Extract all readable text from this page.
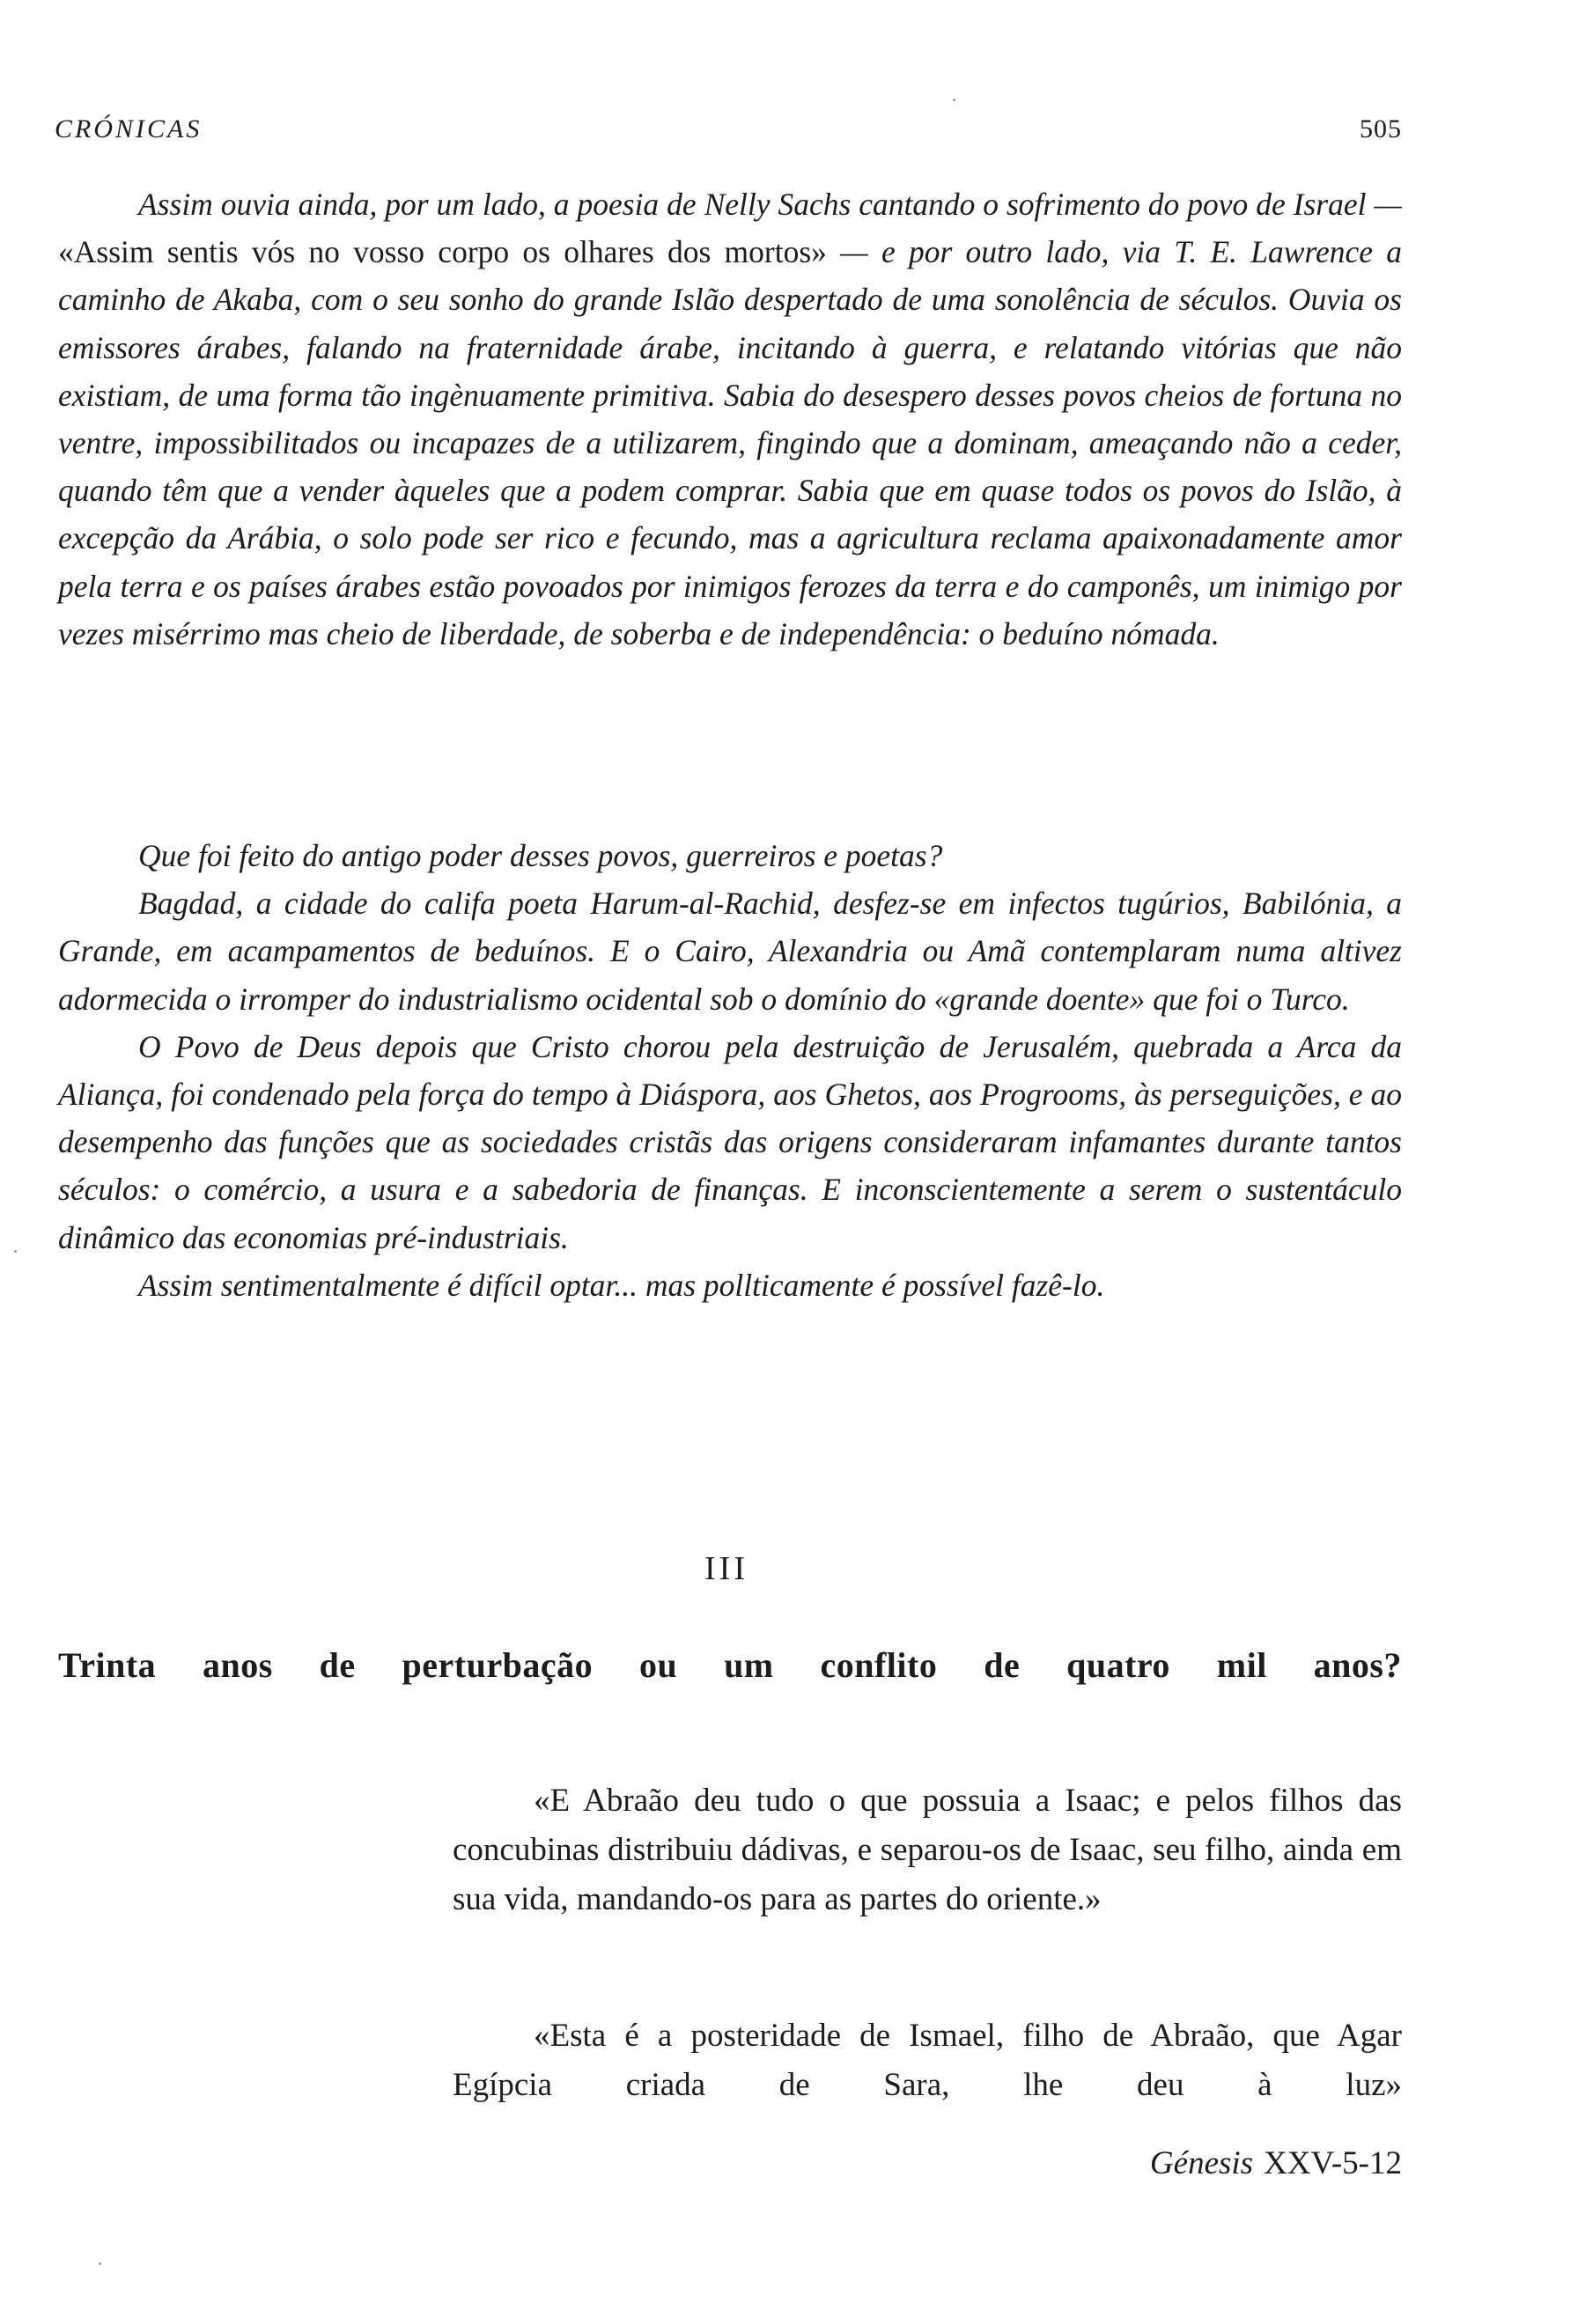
CRÓNICAS	505

Assim ouvia ainda, por um lado, a poesia de Nelly Sachs cantando o sofrimento do povo de Israel — «Assim sentis vós no vosso corpo os olhares dos mortos» — e por outro lado, via T. E. Lawrence a caminho de Akaba, com o seu sonho do grande Islão despertado de uma sonolência de séculos. Ouvia os emissores árabes, falando na fraternidade árabe, incitando à guerra, e relatando vitórias que não existiam, de uma forma tão ingènuamente primitiva. Sabia do desespero desses povos cheios de fortuna no ventre, impossibilitados ou incapazes de a utilizarem, fingindo que a dominam, ameaçando não a ceder, quando têm que a vender àqueles que a podem comprar. Sabia que em quase todos os povos do Islão, à excepção da Arábia, o solo pode ser rico e fecundo, mas a agricultura reclama apaixonadamente amor pela terra e os países árabes estão povoados por inimigos ferozes da terra e do camponês, um inimigo por vezes misérrimo mas cheio de liberdade, de soberba e de independência: o beduíno nómada.

Que foi feito do antigo poder desses povos, guerreiros e poetas?

Bagdad, a cidade do califa poeta Harum-al-Rachid, desfez-se em infectos tugúrios, Babilónia, a Grande, em acampamentos de beduínos. E o Cairo, Alexandria ou Amã contemplaram numa altivez adormecida o irromper do industrialismo ocidental sob o domínio do «grande doente» que foi o Turco.

O Povo de Deus depois que Cristo chorou pela destruição de Jerusalém, quebrada a Arca da Aliança, foi condenado pela força do tempo à Diáspora, aos Ghetos, aos Progrooms, às perseguições, e ao desempenho das funções que as sociedades cristãs das origens consideraram infamantes durante tantos séculos: o comércio, a usura e a sabedoria de finanças. E inconscientemente a serem o sustentáculo dinâmico das economias pré-industriais.

Assim sentimentalmente é difícil optar... mas pollticamente é possível fazê-lo.

III
Trinta anos de perturbação ou um conflito de quatro mil anos?

«E Abraão deu tudo o que possuia a Isaac; e pelos filhos das concubinas distribuiu dádivas, e separou-os de Isaac, seu filho, ainda em sua vida, mandando-os para as partes do oriente.»

«Esta é a posteridade de Ismael, filho de Abraão, que Agar Egípcia criada de Sara, lhe deu à luz»

Génesis XXV-5-12
